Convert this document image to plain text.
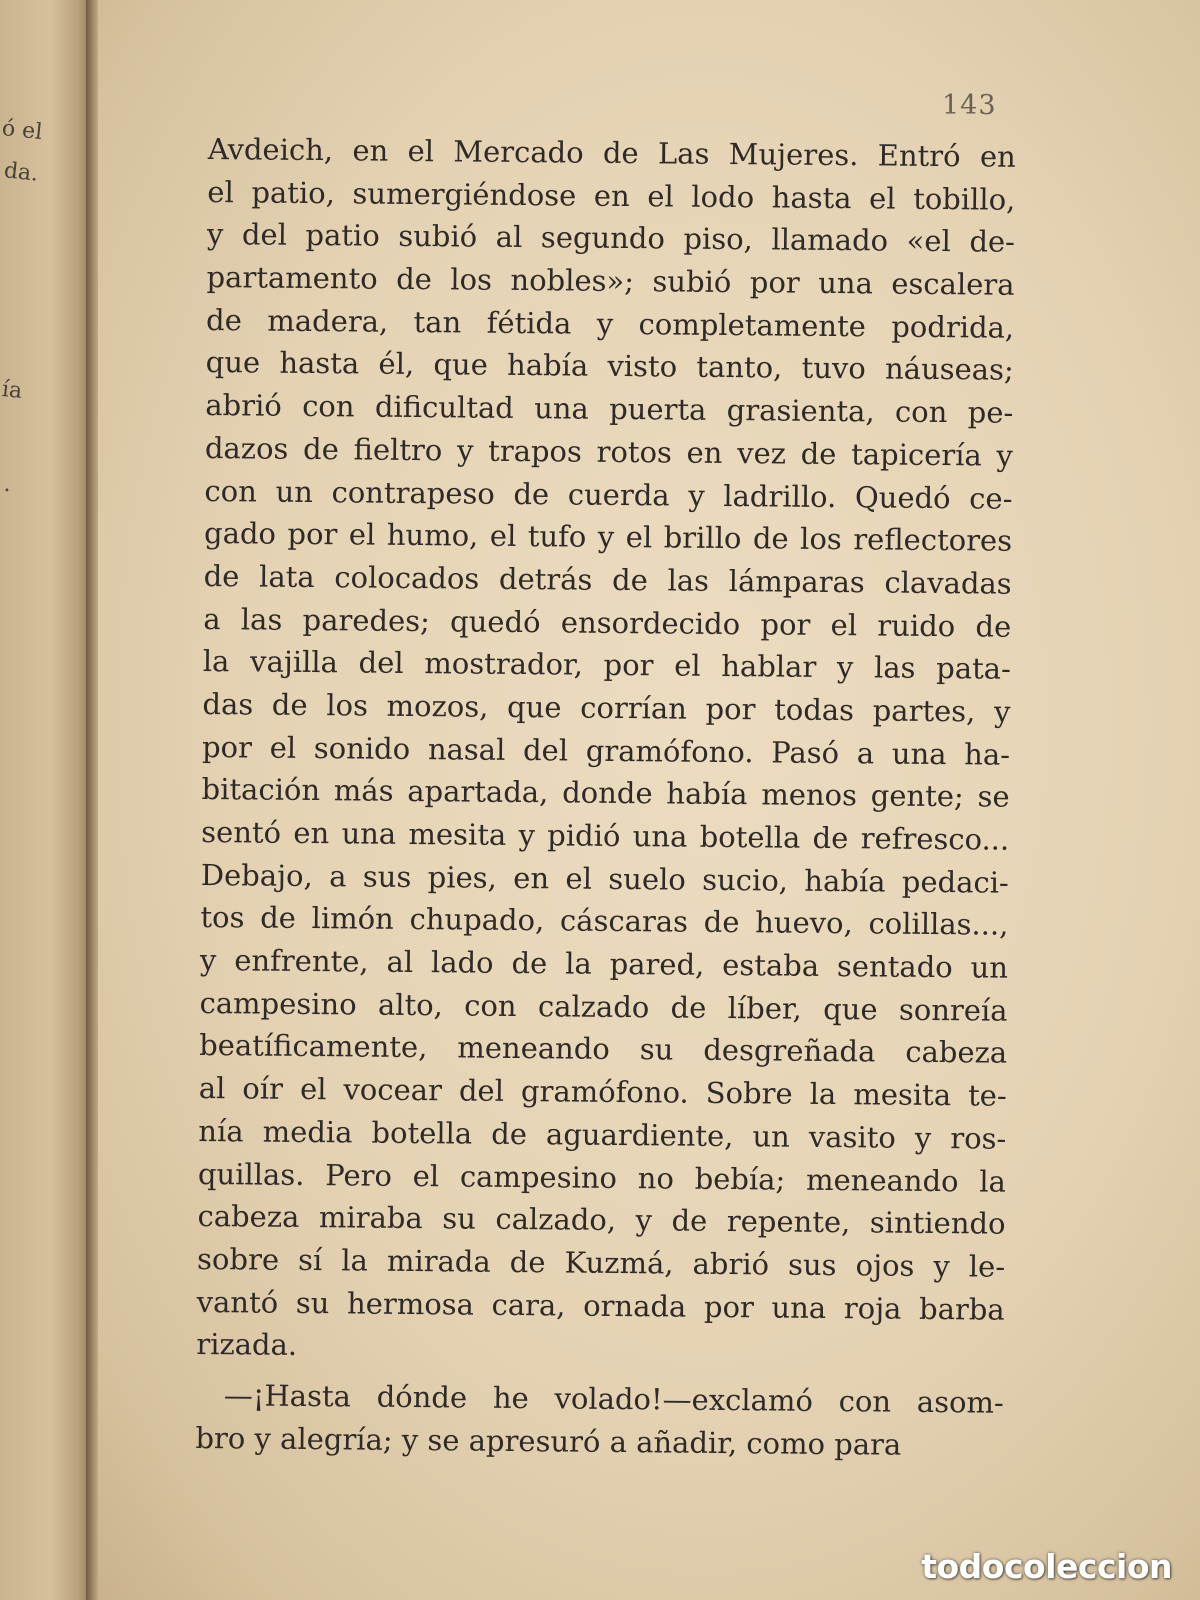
ó el
da.
ía
.
143
Avdeich, en el Mercado de Las Mujeres. Entró en
el patio, sumergiéndose en el lodo hasta el tobillo,
y del patio subió al segundo piso, llamado «el de-
partamento de los nobles»; subió por una escalera
de madera, tan fétida y completamente podrida,
que hasta él, que había visto tanto, tuvo náuseas;
abrió con dificultad una puerta grasienta, con pe-
dazos de fieltro y trapos rotos en vez de tapicería y
con un contrapeso de cuerda y ladrillo. Quedó ce-
gado por el humo, el tufo y el brillo de los reflectores
de lata colocados detrás de las lámparas clavadas
a las paredes; quedó ensordecido por el ruido de
la vajilla del mostrador, por el hablar y las pata-
das de los mozos, que corrían por todas partes, y
por el sonido nasal del gramófono. Pasó a una ha-
bitación más apartada, donde había menos gente; se
sentó en una mesita y pidió una botella de refresco...
Debajo, a sus pies, en el suelo sucio, había pedaci-
tos de limón chupado, cáscaras de huevo, colillas...,
y enfrente, al lado de la pared, estaba sentado un
campesino alto, con calzado de líber, que sonreía
beatíficamente, meneando su desgreñada cabeza
al oír el vocear del gramófono. Sobre la mesita te-
nía media botella de aguardiente, un vasito y ros-
quillas. Pero el campesino no bebía; meneando la
cabeza miraba su calzado, y de repente, sintiendo
sobre sí la mirada de Kuzmá, abrió sus ojos y le-
vantó su hermosa cara, ornada por una roja barba
rizada.
—¡Hasta dónde he volado!—exclamó con asom-
bro y alegría; y se apresuró a añadir, como para
todocoleccion
